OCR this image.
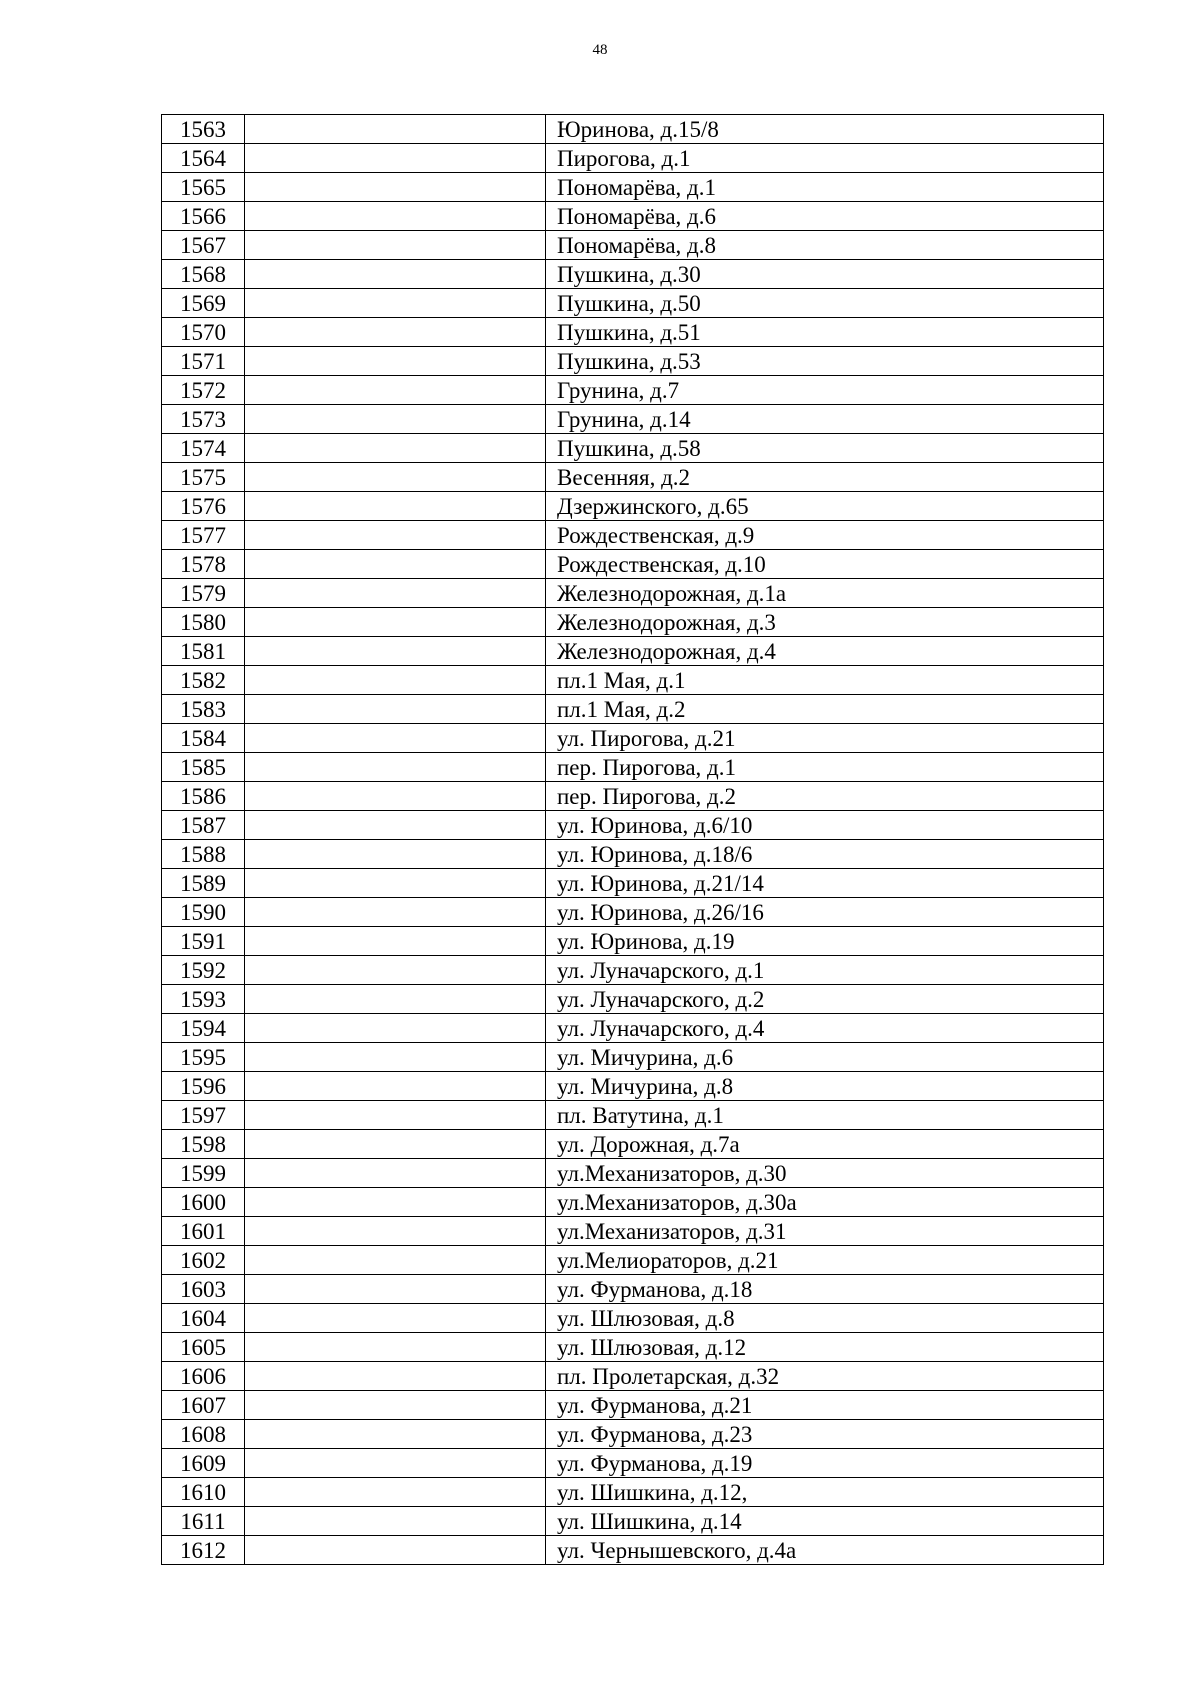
48
1563		Юринова, д.15/8
1564		Пирогова, д.1
1565		Пономарёва, д.1
1566		Пономарёва, д.6
1567		Пономарёва, д.8
1568		Пушкина, д.30
1569		Пушкина, д.50
1570		Пушкина, д.51
1571		Пушкина, д.53
1572		Грунина, д.7
1573		Грунина, д.14
1574		Пушкина, д.58
1575		Весенняя, д.2
1576		Дзержинского, д.65
1577		Рождественская, д.9
1578		Рождественская, д.10
1579		Железнодорожная, д.1а
1580		Железнодорожная, д.3
1581		Железнодорожная, д.4
1582		пл.1 Мая, д.1
1583		пл.1 Мая, д.2
1584		ул. Пирогова, д.21
1585		пер. Пирогова, д.1
1586		пер. Пирогова, д.2
1587		ул. Юринова, д.6/10
1588		ул. Юринова, д.18/6
1589		ул. Юринова, д.21/14
1590		ул. Юринова, д.26/16
1591		ул. Юринова, д.19
1592		ул. Луначарского, д.1
1593		ул. Луначарского, д.2
1594		ул. Луначарского, д.4
1595		ул. Мичурина, д.6
1596		ул. Мичурина, д.8
1597		пл. Ватутина, д.1
1598		ул. Дорожная, д.7а
1599		ул.Механизаторов, д.30
1600		ул.Механизаторов, д.30а
1601		ул.Механизаторов, д.31
1602		ул.Мелиораторов, д.21
1603		ул. Фурманова, д.18
1604		ул. Шлюзовая, д.8
1605		ул. Шлюзовая, д.12
1606		пл. Пролетарская, д.32
1607		ул. Фурманова, д.21
1608		ул. Фурманова, д.23
1609		ул. Фурманова, д.19
1610		ул. Шишкина, д.12,
1611		ул. Шишкина, д.14
1612		ул. Чернышевского, д.4а
